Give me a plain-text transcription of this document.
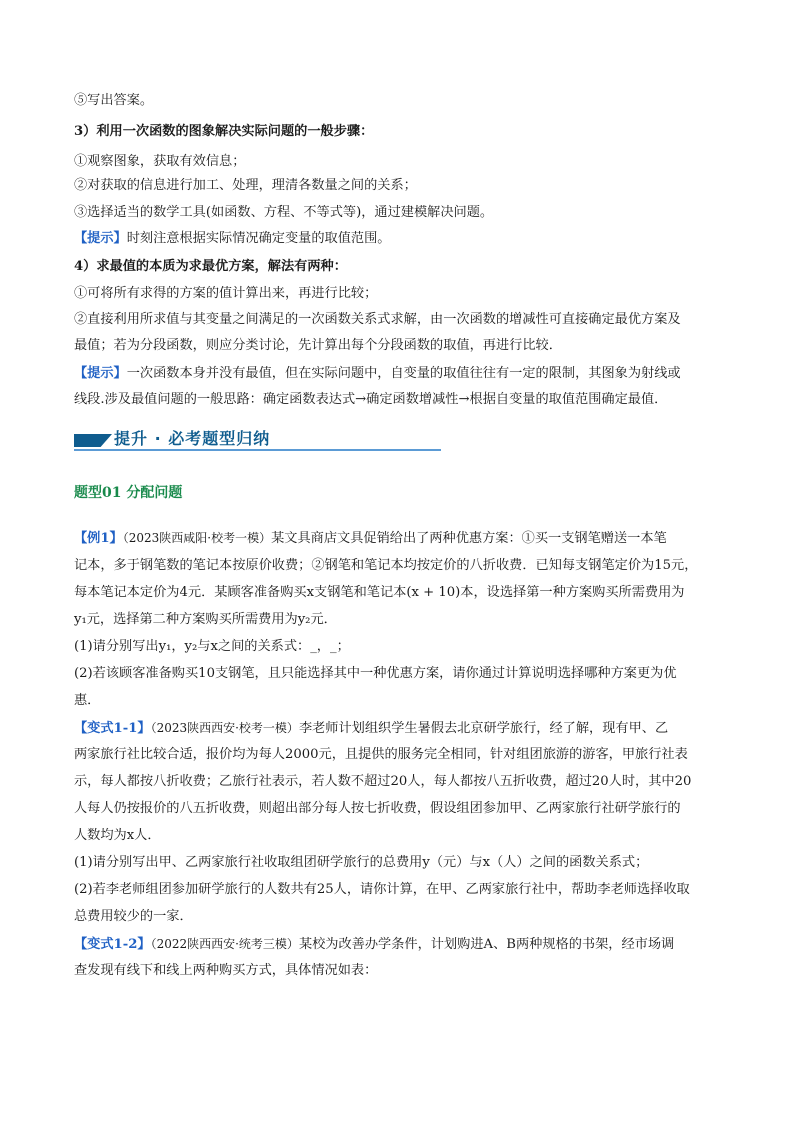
⑤写出答案。
3）利用一次函数的图象解决实际问题的一般步骤：
①观察图象，获取有效信息；
②对获取的信息进行加工、处理，理清各数量之间的关系；
③选择适当的数学工具(如函数、方程、不等式等)，通过建模解决问题。
【提示】时刻注意根据实际情况确定变量的取值范围。
4）求最值的本质为求最优方案，解法有两种：
①可将所有求得的方案的值计算出来，再进行比较；
②直接利用所求值与其变量之间满足的一次函数关系式求解，由一次函数的增减性可直接确定最优方案及
最值；若为分段函数，则应分类讨论，先计算出每个分段函数的取值，再进行比较．
【提示】一次函数本身并没有最值，但在实际问题中，自变量的取值往往有一定的限制，其图象为射线或
线段.涉及最值问题的一般思路：确定函数表达式→确定函数增减性→根据自变量的取值范围确定最值．
提升 · 必考题型归纳
题型01 分配问题
【例1】（2023陕西咸阳·校考一模）某文具商店文具促销给出了两种优惠方案：①买一支钢笔赠送一本笔
记本，多于钢笔数的笔记本按原价收费；②钢笔和笔记本均按定价的八折收费．已知每支钢笔定价为15元，
每本笔记本定价为4元．某顾客准备购买x支钢笔和笔记本(x + 10)本，设选择第一种方案购买所需费用为
y₁元，选择第二种方案购买所需费用为y₂元．
(1)请分别写出y₁，y₂与x之间的关系式：_，_；
(2)若该顾客准备购买10支钢笔，且只能选择其中一种优惠方案，请你通过计算说明选择哪种方案更为优
惠．
【变式1-1】（2023陕西西安·校考一模）李老师计划组织学生暑假去北京研学旅行，经了解，现有甲、乙
两家旅行社比较合适，报价均为每人2000元，且提供的服务完全相同，针对组团旅游的游客，甲旅行社表
示，每人都按八折收费；乙旅行社表示，若人数不超过20人，每人都按八五折收费，超过20人时，其中20
人每人仍按报价的八五折收费，则超出部分每人按七折收费，假设组团参加甲、乙两家旅行社研学旅行的
人数均为x人．
(1)请分别写出甲、乙两家旅行社收取组团研学旅行的总费用y（元）与x（人）之间的函数关系式；
(2)若李老师组团参加研学旅行的人数共有25人，请你计算，在甲、乙两家旅行社中，帮助李老师选择收取
总费用较少的一家．
【变式1-2】（2022陕西西安·统考三模）某校为改善办学条件，计划购进A、B两种规格的书架，经市场调
查发现有线下和线上两种购买方式，具体情况如表：
